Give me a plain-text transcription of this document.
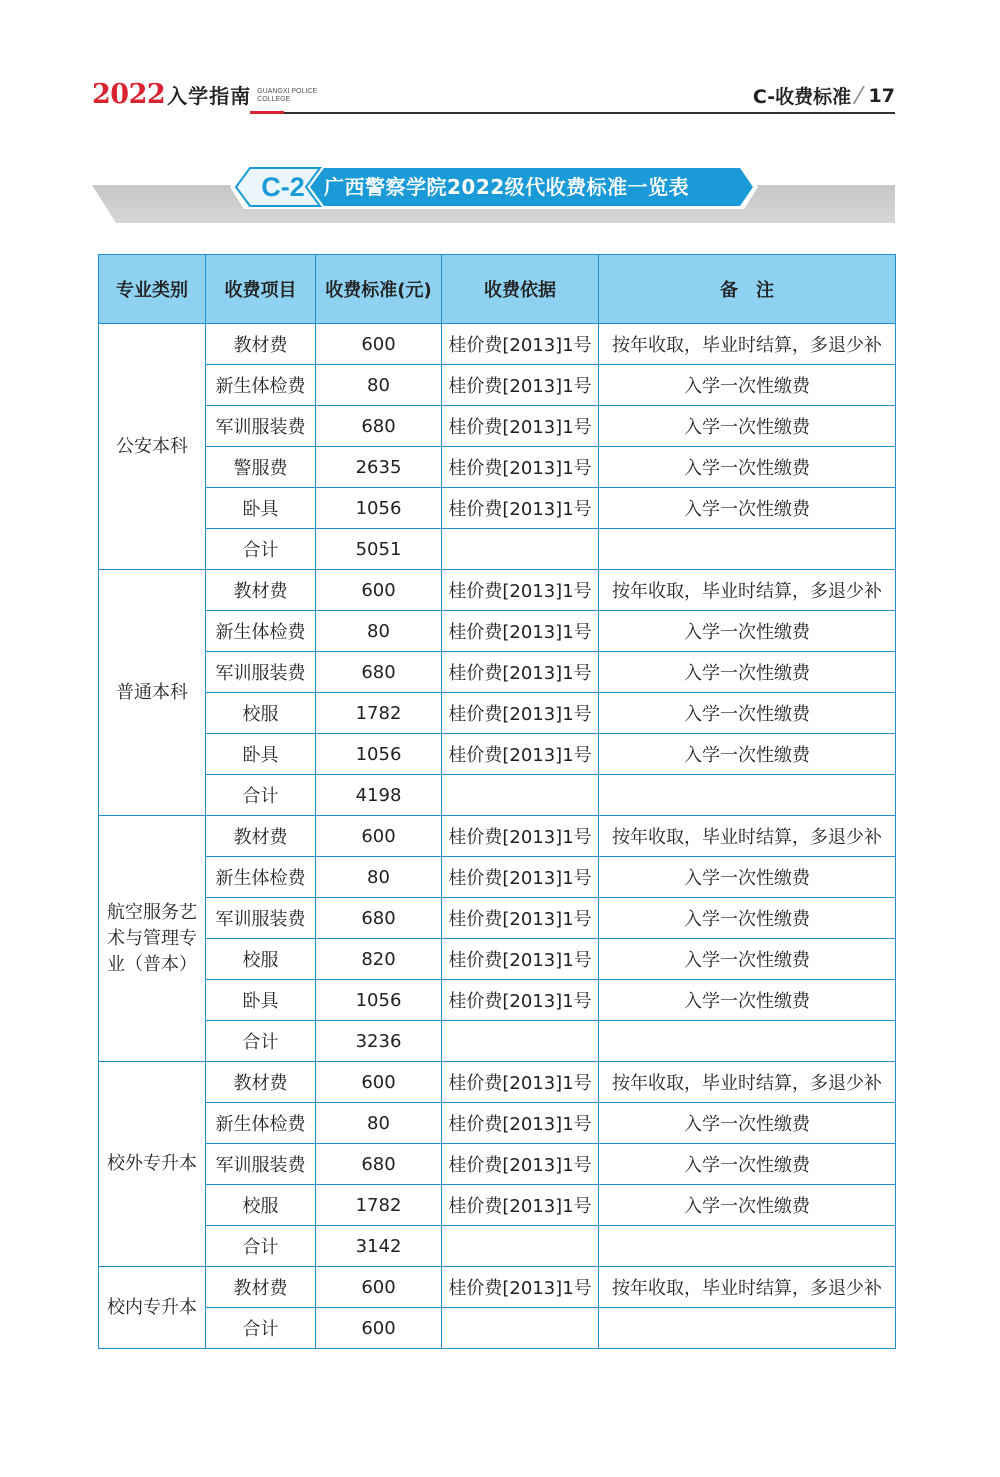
2022 入学指南 GUANGXI POLICE
COLLEGE	C-收费标准 / 17
C-2 广西警察学院2022级代收费标准一览表
专业类别	收费项目	收费标准(元)	收费依据	备　注
公安本科	教材费	600	桂价费[2013]1号	按年收取，毕业时结算，多退少补
	新生体检费	80	桂价费[2013]1号	入学一次性缴费
	军训服装费	680	桂价费[2013]1号	入学一次性缴费
	警服费	2635	桂价费[2013]1号	入学一次性缴费
	卧具	1056	桂价费[2013]1号	入学一次性缴费
	合计	5051		
普通本科	教材费	600	桂价费[2013]1号	按年收取，毕业时结算，多退少补
	新生体检费	80	桂价费[2013]1号	入学一次性缴费
	军训服装费	680	桂价费[2013]1号	入学一次性缴费
	校服	1782	桂价费[2013]1号	入学一次性缴费
	卧具	1056	桂价费[2013]1号	入学一次性缴费
	合计	4198		
航空服务艺术与管理专业（普本）	教材费	600	桂价费[2013]1号	按年收取，毕业时结算，多退少补
	新生体检费	80	桂价费[2013]1号	入学一次性缴费
	军训服装费	680	桂价费[2013]1号	入学一次性缴费
	校服	820	桂价费[2013]1号	入学一次性缴费
	卧具	1056	桂价费[2013]1号	入学一次性缴费
	合计	3236		
校外专升本	教材费	600	桂价费[2013]1号	按年收取，毕业时结算，多退少补
	新生体检费	80	桂价费[2013]1号	入学一次性缴费
	军训服装费	680	桂价费[2013]1号	入学一次性缴费
	校服	1782	桂价费[2013]1号	入学一次性缴费
	合计	3142		
校内专升本	教材费	600	桂价费[2013]1号	按年收取，毕业时结算，多退少补
	合计	600		
